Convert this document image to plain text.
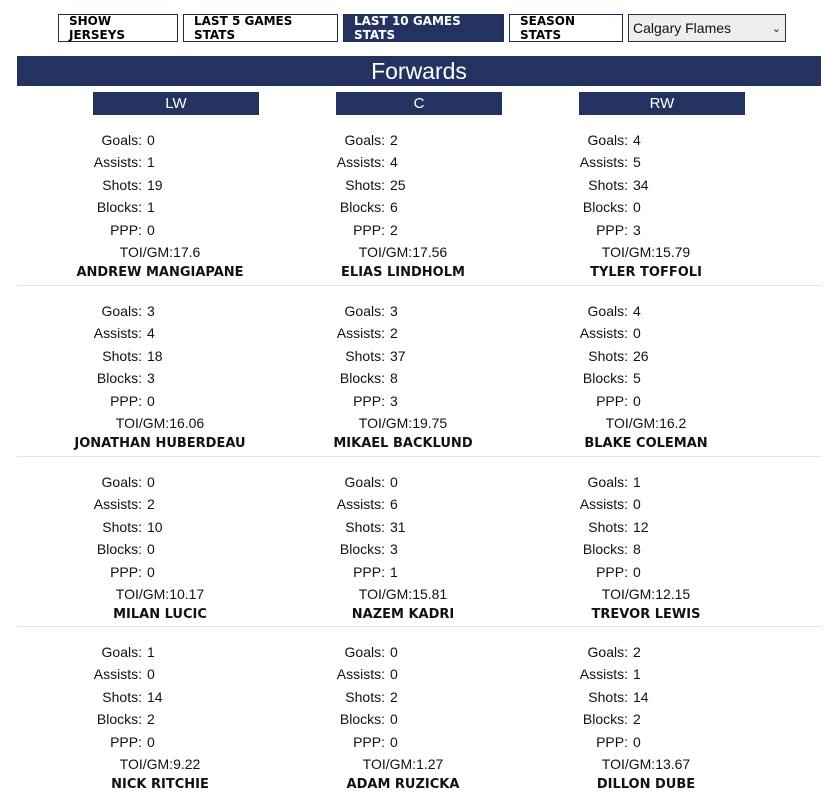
SHOW JERSEYS
LAST 5 GAMES STATS
LAST 10 GAMES STATS
SEASON STATS	Calgary Flames	⌄
Forwards
LW	C	RW
Goals: 0
Assists: 1
Shots: 19
Blocks: 1
PPP: 0
TOI/GM:17.6
ANDREW MANGIAPANE
Goals: 2
Assists: 4
Shots: 25
Blocks: 6
PPP: 2
TOI/GM:17.56
ELIAS LINDHOLM
Goals: 4
Assists: 5
Shots: 34
Blocks: 0
PPP: 3
TOI/GM:15.79
TYLER TOFFOLI
Goals: 3
Assists: 4
Shots: 18
Blocks: 3
PPP: 0
TOI/GM:16.06
JONATHAN HUBERDEAU
Goals: 3
Assists: 2
Shots: 37
Blocks: 8
PPP: 3
TOI/GM:19.75
MIKAEL BACKLUND
Goals: 4
Assists: 0
Shots: 26
Blocks: 5
PPP: 0
TOI/GM:16.2
BLAKE COLEMAN
Goals: 0
Assists: 2
Shots: 10
Blocks: 0
PPP: 0
TOI/GM:10.17
MILAN LUCIC
Goals: 0
Assists: 6
Shots: 31
Blocks: 3
PPP: 1
TOI/GM:15.81
NAZEM KADRI
Goals: 1
Assists: 0
Shots: 12
Blocks: 8
PPP: 0
TOI/GM:12.15
TREVOR LEWIS
Goals: 1
Assists: 0
Shots: 14
Blocks: 2
PPP: 0
TOI/GM:9.22
NICK RITCHIE
Goals: 0
Assists: 0
Shots: 2
Blocks: 0
PPP: 0
TOI/GM:1.27
ADAM RUZICKA
Goals: 2
Assists: 1
Shots: 14
Blocks: 2
PPP: 0
TOI/GM:13.67
DILLON DUBE
